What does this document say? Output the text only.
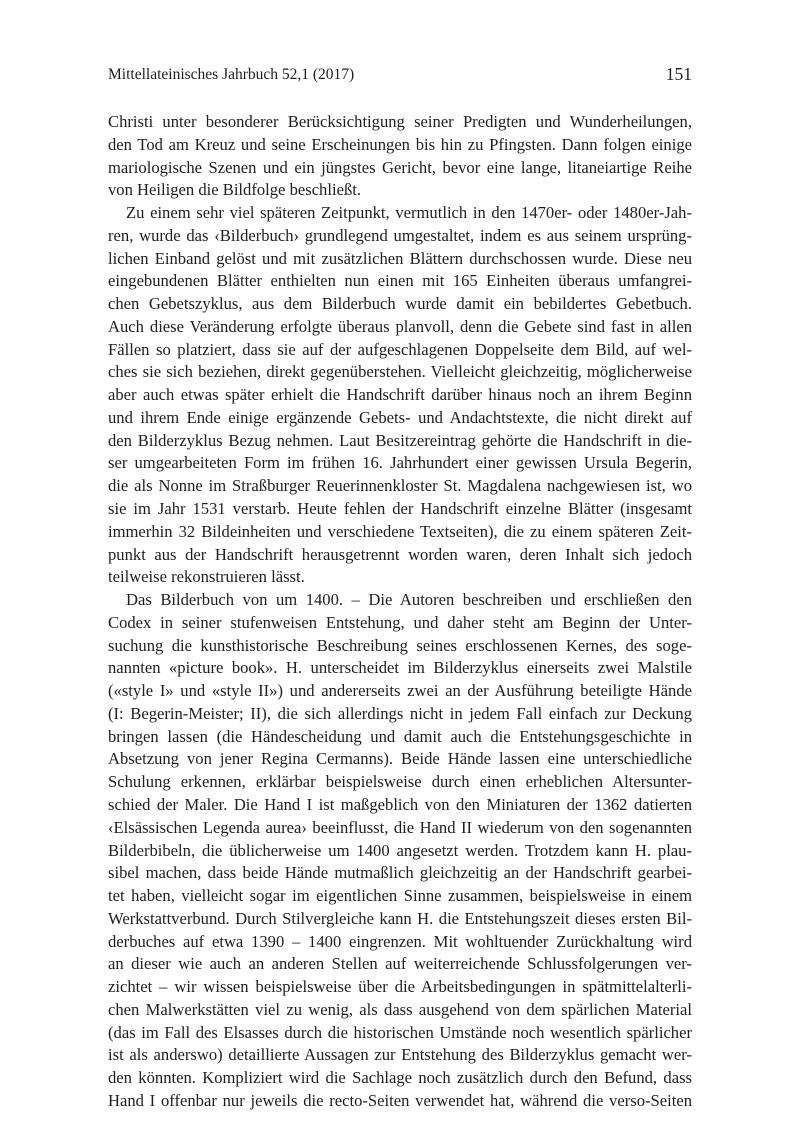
Mittellateinisches Jahrbuch 52,1 (2017)	151
Christi unter besonderer Berücksichtigung seiner Predigten und Wunderheilungen,
den Tod am Kreuz und seine Erscheinungen bis hin zu Pfingsten. Dann folgen einige
mariologische Szenen und ein jüngstes Gericht, bevor eine lange, litaneiartige Reihe
von Heiligen die Bildfolge beschließt.
Zu einem sehr viel späteren Zeitpunkt, vermutlich in den 1470er- oder 1480er-Jah-
ren, wurde das ‹Bilderbuch› grundlegend umgestaltet, indem es aus seinem ursprüng-
lichen Einband gelöst und mit zusätzlichen Blättern durchschossen wurde. Diese neu
eingebundenen Blätter enthielten nun einen mit 165 Einheiten überaus umfangrei-
chen Gebetszyklus, aus dem Bilderbuch wurde damit ein bebildertes Gebetbuch.
Auch diese Veränderung erfolgte überaus planvoll, denn die Gebete sind fast in allen
Fällen so platziert, dass sie auf der aufgeschlagenen Doppelseite dem Bild, auf wel-
ches sie sich beziehen, direkt gegenüberstehen. Vielleicht gleichzeitig, möglicherweise
aber auch etwas später erhielt die Handschrift darüber hinaus noch an ihrem Beginn
und ihrem Ende einige ergänzende Gebets- und Andachtstexte, die nicht direkt auf
den Bilderzyklus Bezug nehmen. Laut Besitzereintrag gehörte die Handschrift in die-
ser umgearbeiteten Form im frühen 16. Jahrhundert einer gewissen Ursula Begerin,
die als Nonne im Straßburger Reuerinnenkloster St. Magdalena nachgewiesen ist, wo
sie im Jahr 1531 verstarb. Heute fehlen der Handschrift einzelne Blätter (insgesamt
immerhin 32 Bildeinheiten und verschiedene Textseiten), die zu einem späteren Zeit-
punkt aus der Handschrift herausgetrennt worden waren, deren Inhalt sich jedoch
teilweise rekonstruieren lässt.
Das Bilderbuch von um 1400. – Die Autoren beschreiben und erschließen den
Codex in seiner stufenweisen Entstehung, und daher steht am Beginn der Unter-
suchung die kunsthistorische Beschreibung seines erschlossenen Kernes, des soge-
nannten «picture book». H. unterscheidet im Bilderzyklus einerseits zwei Malstile
(«style I» und «style II») und andererseits zwei an der Ausführung beteiligte Hände
(I: Begerin-Meister; II), die sich allerdings nicht in jedem Fall einfach zur Deckung
bringen lassen (die Händescheidung und damit auch die Entstehungsgeschichte in
Absetzung von jener Regina Cermanns). Beide Hände lassen eine unterschiedliche
Schulung erkennen, erklärbar beispielsweise durch einen erheblichen Altersunter-
schied der Maler. Die Hand I ist maßgeblich von den Miniaturen der 1362 datierten
‹Elsässischen Legenda aurea› beeinflusst, die Hand II wiederum von den sogenannten
Bilderbibeln, die üblicherweise um 1400 angesetzt werden. Trotzdem kann H. plau-
sibel machen, dass beide Hände mutmaßlich gleichzeitig an der Handschrift gearbei-
tet haben, vielleicht sogar im eigentlichen Sinne zusammen, beispielsweise in einem
Werkstattverbund. Durch Stilvergleiche kann H. die Entstehungszeit dieses ersten Bil-
derbuches auf etwa 1390 – 1400 eingrenzen. Mit wohltuender Zurückhaltung wird
an dieser wie auch an anderen Stellen auf weiterreichende Schlussfolgerungen ver-
zichtet – wir wissen beispielsweise über die Arbeitsbedingungen in spätmittelalterli-
chen Malwerkstätten viel zu wenig, als dass ausgehend von dem spärlichen Material
(das im Fall des Elsasses durch die historischen Umstände noch wesentlich spärlicher
ist als anderswo) detaillierte Aussagen zur Entstehung des Bilderzyklus gemacht wer-
den könnten. Kompliziert wird die Sachlage noch zusätzlich durch den Befund, dass
Hand I offenbar nur jeweils die recto-Seiten verwendet hat, während die verso-Seiten
